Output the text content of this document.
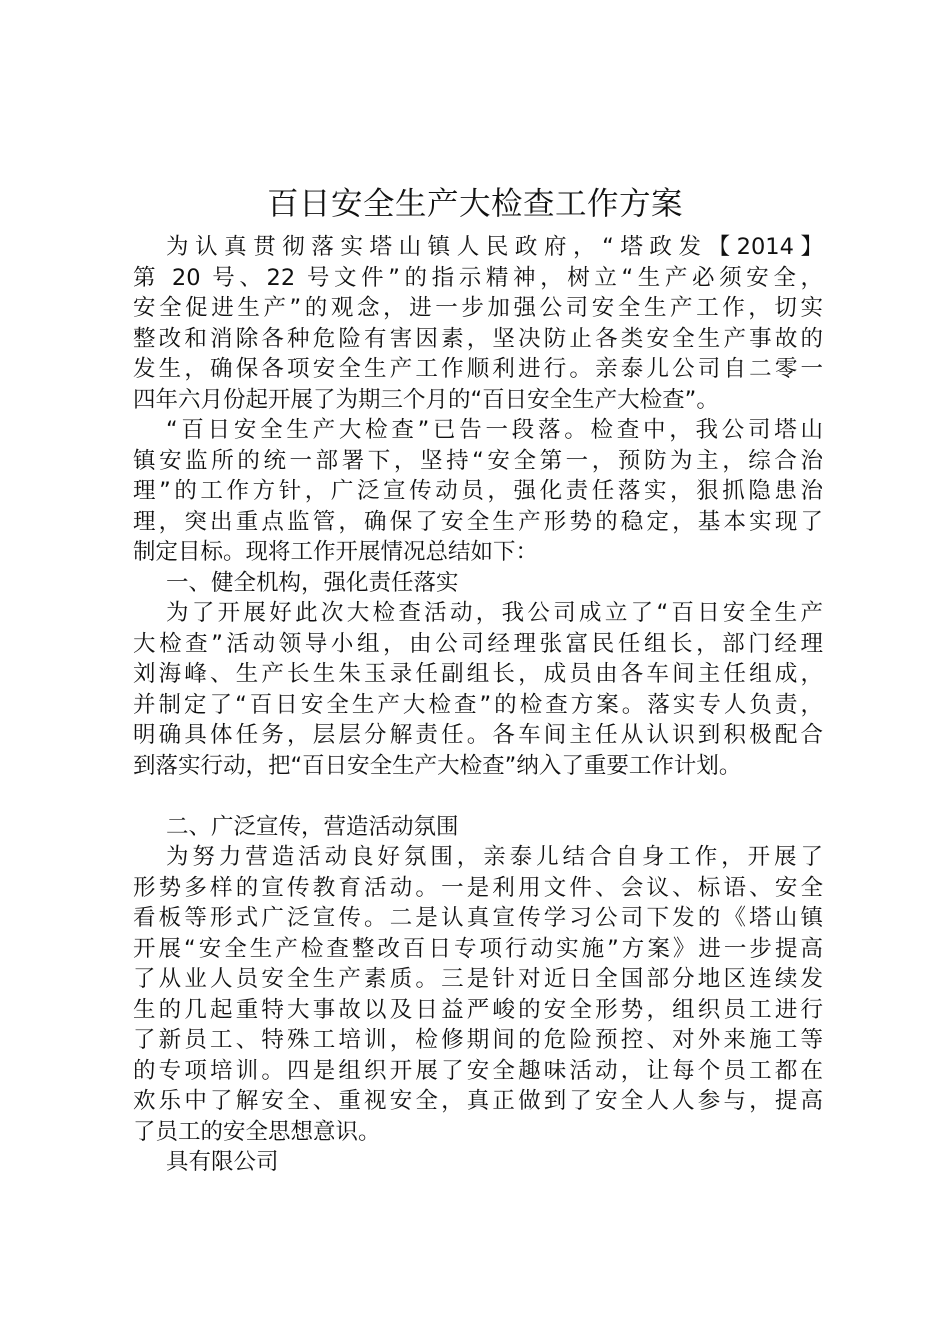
百日安全生产大检查工作方案

为认真贯彻落实塔山镇人民政府，“塔政发【2014】
第 20 号、22 号文件”的指示精神，树立“生产必须安全，
安全促进生产”的观念，进一步加强公司安全生产工作，切实
整改和消除各种危险有害因素，坚决防止各类安全生产事故的
发生，确保各项安全生产工作顺利进行。亲泰儿公司自二零一
四年六月份起开展了为期三个月的“百日安全生产大检查”。

“百日安全生产大检查”已告一段落。检查中，我公司塔山
镇安监所的统一部署下，坚持“安全第一，预防为主，综合治
理”的工作方针，广泛宣传动员，强化责任落实，狠抓隐患治
理，突出重点监管，确保了安全生产形势的稳定，基本实现了
制定目标。现将工作开展情况总结如下：

一、健全机构，强化责任落实

为了开展好此次大检查活动，我公司成立了“百日安全生产
大检查”活动领导小组，由公司经理张富民任组长，部门经理
刘海峰、生产长生朱玉录任副组长，成员由各车间主任组成，
并制定了“百日安全生产大检查”的检查方案。落实专人负责，
明确具体任务，层层分解责任。各车间主任从认识到积极配合
到落实行动，把“百日安全生产大检查”纳入了重要工作计划。

二、广泛宣传，营造活动氛围

为努力营造活动良好氛围，亲泰儿结合自身工作，开展了
形势多样的宣传教育活动。一是利用文件、会议、标语、安全
看板等形式广泛宣传。二是认真宣传学习公司下发的《塔山镇
开展“安全生产检查整改百日专项行动实施”方案》进一步提高
了从业人员安全生产素质。三是针对近日全国部分地区连续发
生的几起重特大事故以及日益严峻的安全形势，组织员工进行
了新员工、特殊工培训，检修期间的危险预控、对外来施工等
的专项培训。四是组织开展了安全趣味活动，让每个员工都在
欢乐中了解安全、重视安全，真正做到了安全人人参与，提高
了员工的安全思想意识。

具有限公司
